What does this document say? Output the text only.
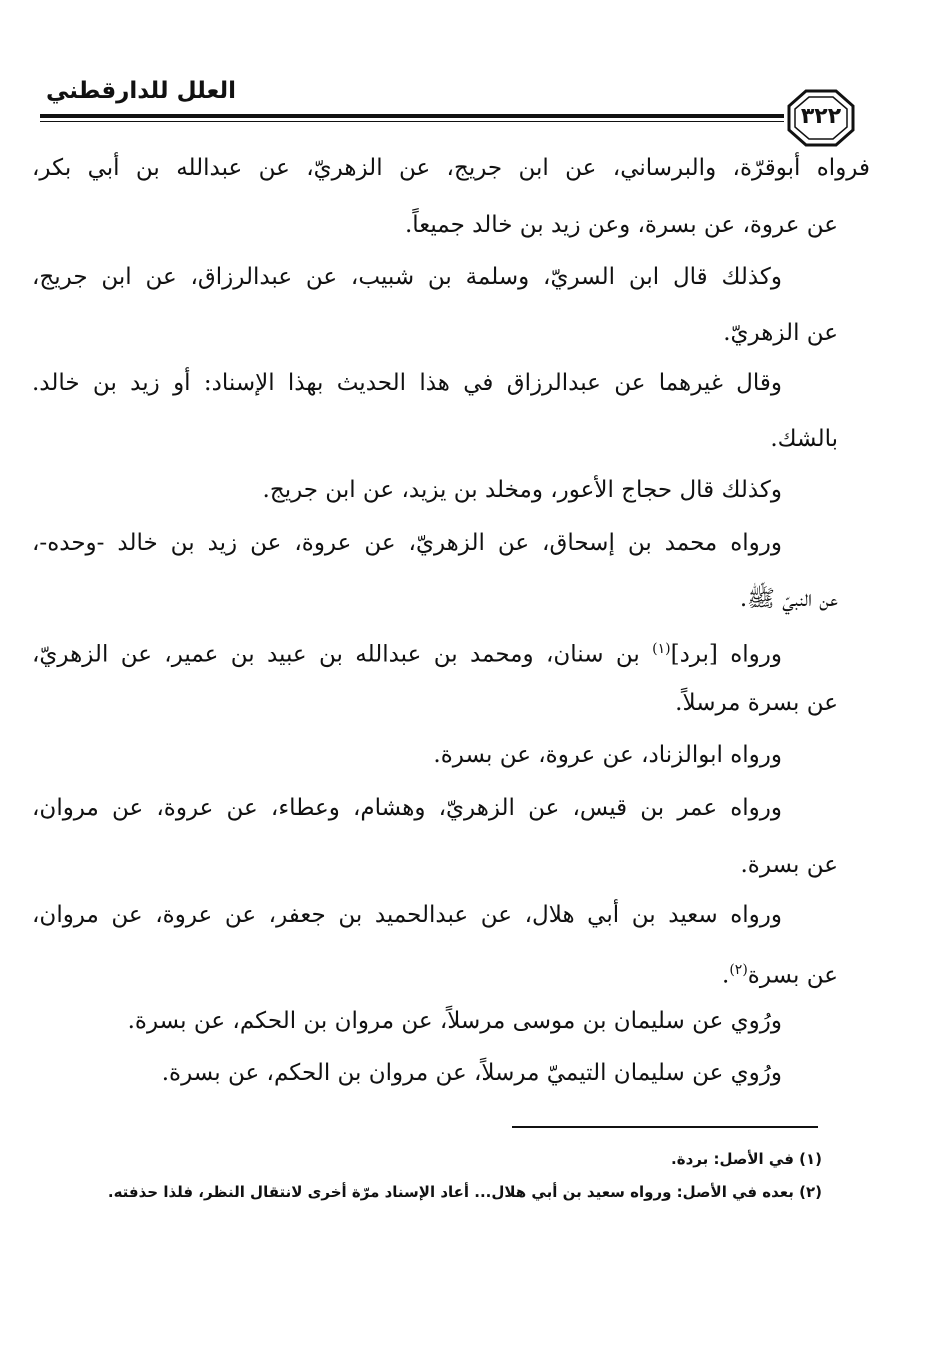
٣٢٢
العلل للدارقطني
فرواه أبوقرّة، والبرساني، عن ابن جريج، عن الزهريّ، عن عبدالله بن أبي بكر،
عن عروة، عن بسرة، وعن زيد بن خالد جميعاً.
وكذلك قال ابن السريّ، وسلمة بن شبيب، عن عبدالرزاق، عن ابن جريج،
عن الزهريّ.
وقال غيرهما عن عبدالرزاق في هذا الحديث بهذا الإسناد: أو زيد بن خالد.
بالشك.
وكذلك قال حجاج الأعور، ومخلد بن يزيد، عن ابن جريج.
ورواه محمد بن إسحاق، عن الزهريّ، عن عروة، عن زيد بن خالد -وحده-،
عن النبيّ ﷺ.
ورواه [برد]$^{(١)}$ بن سنان، ومحمد بن عبدالله بن عبيد بن عمير، عن الزهريّ،
عن بسرة مرسلاً.
ورواه ابوالزناد، عن عروة، عن بسرة.
ورواه عمر بن قيس، عن الزهريّ، وهشام، وعطاء، عن عروة، عن مروان،
عن بسرة.
ورواه سعيد بن أبي هلال، عن عبدالحميد بن جعفر، عن عروة، عن مروان،
عن بسرة$^{(٢)}$.
ورُوي عن سليمان بن موسى مرسلاً، عن مروان بن الحكم، عن بسرة.
ورُوي عن سليمان التيميّ مرسلاً، عن مروان بن الحكم، عن بسرة.
(١) في الأصل: بردة.
(٢) بعده في الأصل: ورواه سعيد بن أبي هلال... أعاد الإسناد مرّة أخرى لانتقال النظر، فلذا حذفته.
